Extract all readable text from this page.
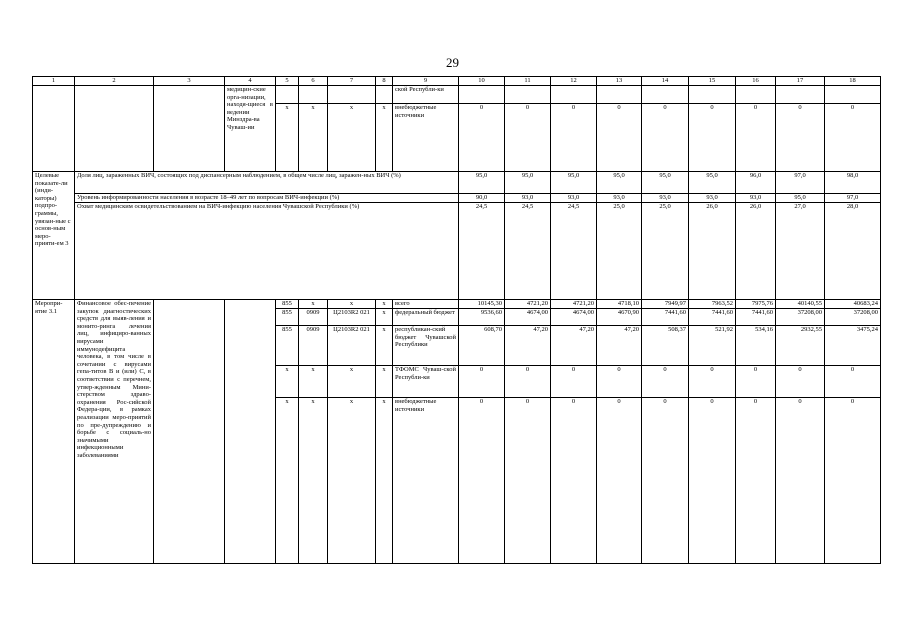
29
1	2	3	4	5	6	7	8	9	10	11	12	13	14	15	16	17	18
			медицин-ские орга-низации, находя-щиеся в ведении Минздра-ва Чуваш-ии					ской Республи-ки									
				x	x	x	x	внебюджетные источники	0	0	0	0	0	0	0	0	0
Целевые показате-ли (инди-каторы) подпро-граммы, увязан-ные с основ-ным меро-прияти-ем 3	Доля лиц, зараженных ВИЧ, состоящих под диспансерным наблюдением, в общем числе лиц, заражен-ных ВИЧ (%)								95,0	95,0	95,0	95,0	95,0	95,0	96,0	97,0	98,0
	Уровень информированности населения в возрасте 18–49 лет по вопросам ВИЧ-инфекции (%)								90,0	93,0	93,0	93,0	93,0	93,0	93,0	95,0	97,0
	Охват медицинским освидетельствованием на ВИЧ-инфекцию населения Чувашской Республики (%)								24,5	24,5	24,5	25,0	25,0	26,0	26,0	27,0	28,0
Меропри-ятие 3.1	Финансовое обес-печение закупок диагностических средств для выяв-ления и монито-ринга лечения лиц, инфициро-ванных вирусами иммунодефицита человека, в том числе в сочетании с вирусами гепа-титов B и (или) C, в соответствии с перечнем, утвер-жденным Мини-стерством здраво-охранения Рос-сийской Федера-ции, в рамках реализации меро-приятий по пре-дупреждению и борьбе с социаль-но значимыми инфекционными заболеваниями			855	x	x	x	всего	10145,30	4721,20	4721,20	4718,10	7949,97	7963,52	7975,76	40140,55	40683,24
				855	0909	Ц2103R2 021	x	федеральный бюджет	9536,60	4674,00	4674,00	4670,90	7441,60	7441,60	7441,60	37208,00	37208,00
				855	0909	Ц2103R2 021	x	республикан-ский бюджет Чувашской Республики	608,70	47,20	47,20	47,20	508,37	521,92	534,16	2932,55	3475,24
				x	x	x	x	ТФОМС Чуваш-ской Республи-ки	0	0	0	0	0	0	0	0	0
				x	x	x	x	внебюджетные источники	0	0	0	0	0	0	0	0	0
